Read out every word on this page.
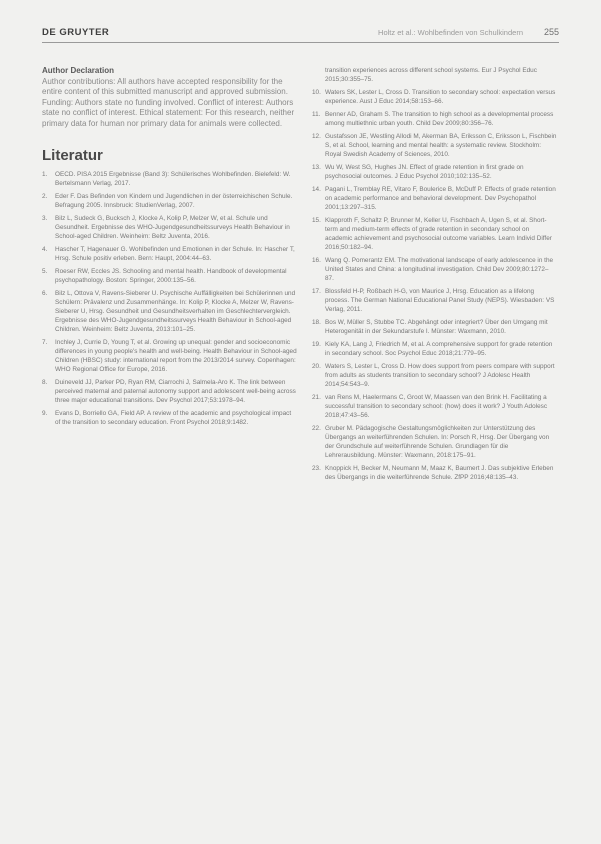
DE GRUYTER	Holtz et al.: Wohlbefinden von Schulkindern 255
Author Declaration

Author contributions: All authors have accepted responsibility for the entire content of this submitted manuscript and approved submission. Funding: Authors state no funding involved. Conflict of interest: Authors state no conflict of interest. Ethical statement: For this research, neither primary data for human nor primary data for animals were collected.

Literatur
1.	OECD. PISA 2015 Ergebnisse (Band 3): Schülerisches Wohlbefinden. Bielefeld: W. Bertelsmann Verlag, 2017.
2.	Eder F. Das Befinden von Kindern und Jugendlichen in der österreichischen Schule. Befragung 2005. Innsbruck: StudienVerlag, 2007.
3.	Bilz L, Sudeck G, Bucksch J, Klocke A, Kolip P, Melzer W, et al. Schule und Gesundheit. Ergebnisse des WHO-Jugendgesundheitssurveys Health Behaviour in School-aged Children. Weinheim: Beltz Juventa, 2016.
4.	Hascher T, Hagenauer G. Wohlbefinden und Emotionen in der Schule. In: Hascher T, Hrsg. Schule positiv erleben. Bern: Haupt, 2004:44–63.
5.	Roeser RW, Eccles JS. Schooling and mental health. Handbook of developmental psychopathology. Boston: Springer, 2000:135–56.
6.	Bilz L, Ottova V, Ravens-Sieberer U. Psychische Auffälligkeiten bei Schülerinnen und Schülern: Prävalenz und Zusammenhänge. In: Kolip P, Klocke A, Melzer W, Ravens-Sieberer U, Hrsg. Gesundheit und Gesundheitsverhalten im Geschlechtervergleich. Ergebnisse des WHO-Jugendgesundheitssurveys Health Behaviour in School-aged Children. Weinheim: Beltz Juventa, 2013:101–25.
7.	Inchley J, Currie D, Young T, et al. Growing up unequal: gender and socioeconomic differences in young people's health and well-being. Health Behaviour in School-aged Children (HBSC) study: international report from the 2013/2014 survey. Copenhagen: WHO Regional Office for Europe, 2016.
8.	Duineveld JJ, Parker PD, Ryan RM, Ciarrochi J, Salmela-Aro K. The link between perceived maternal and paternal autonomy support and adolescent well-being across three major educational transitions. Dev Psychol 2017;53:1978–94.
9.	Evans D, Borriello GA, Field AP. A review of the academic and psychological impact of the transition to secondary education. Front Psychol 2018;9:1482.
transition experiences across different school systems. Eur J Psychol Educ 2015;30:355–75.
10. Waters SK, Lester L, Cross D. Transition to secondary school: expectation versus experience. Aust J Educ 2014;58:153–66.
11. Benner AD, Graham S. The transition to high school as a developmental process among multiethnic urban youth. Child Dev 2009;80:356–76.
12. Gustafsson JE, Westling Allodi M, Akerman BA, Eriksson C, Eriksson L, Fischbein S, et al. School, learning and mental health: a systematic review. Stockholm: Royal Swedish Academy of Sciences, 2010.
13. Wu W, West SG, Hughes JN. Effect of grade retention in first grade on psychosocial outcomes. J Educ Psychol 2010;102:135–52.
14. Pagani L, Tremblay RE, Vitaro F, Boulerice B, McDuff P. Effects of grade retention on academic performance and behavioral development. Dev Psychopathol 2001;13:297–315.
15. Klapproth F, Schaltz P, Brunner M, Keller U, Fischbach A, Ugen S, et al. Short-term and medium-term effects of grade retention in secondary school on academic achievement and psychosocial outcome variables. Learn Individ Differ 2016;50:182–94.
16. Wang Q. Pomerantz EM. The motivational landscape of early adolescence in the United States and China: a longitudinal investigation. Child Dev 2009;80:1272–87.
17. Blossfeld H-P, Roßbach H-G, von Maurice J, Hrsg. Education as a lifelong process. The German National Educational Panel Study (NEPS). Wiesbaden: VS Verlag, 2011.
18. Bos W, Müller S, Stubbe TC. Abgehängt oder integriert? Über den Umgang mit Heterogenität in der Sekundarstufe I. Münster: Waxmann, 2010.
19. Kiely KA, Lang J, Friedrich M, et al. A comprehensive support for grade retention in secondary school. Soc Psychol Educ 2018;21:779–95.
20. Waters S, Lester L, Cross D. How does support from peers compare with support from adults as students transition to secondary school? J Adolesc Health 2014;54:543–9.
21. van Rens M, Haelermans C, Groot W, Maassen van den Brink H. Facilitating a successful transition to secondary school: (how) does it work? J Youth Adolesc 2018;47:43–56.
22. Gruber M. Pädagogische Gestaltungsmöglichkeiten zur Unterstützung des Übergangs an weiterführenden Schulen. In: Porsch R, Hrsg. Der Übergang von der Grundschule auf weiterführende Schulen. Grundlagen für die Lehrerausbildung. Münster: Waxmann, 2018:175–91.
23. Knoppick H, Becker M, Neumann M, Maaz K, Baumert J. Das subjektive Erleben des Übergangs in die weiterführende Schule. ZfPP 2016;48:135–43.
